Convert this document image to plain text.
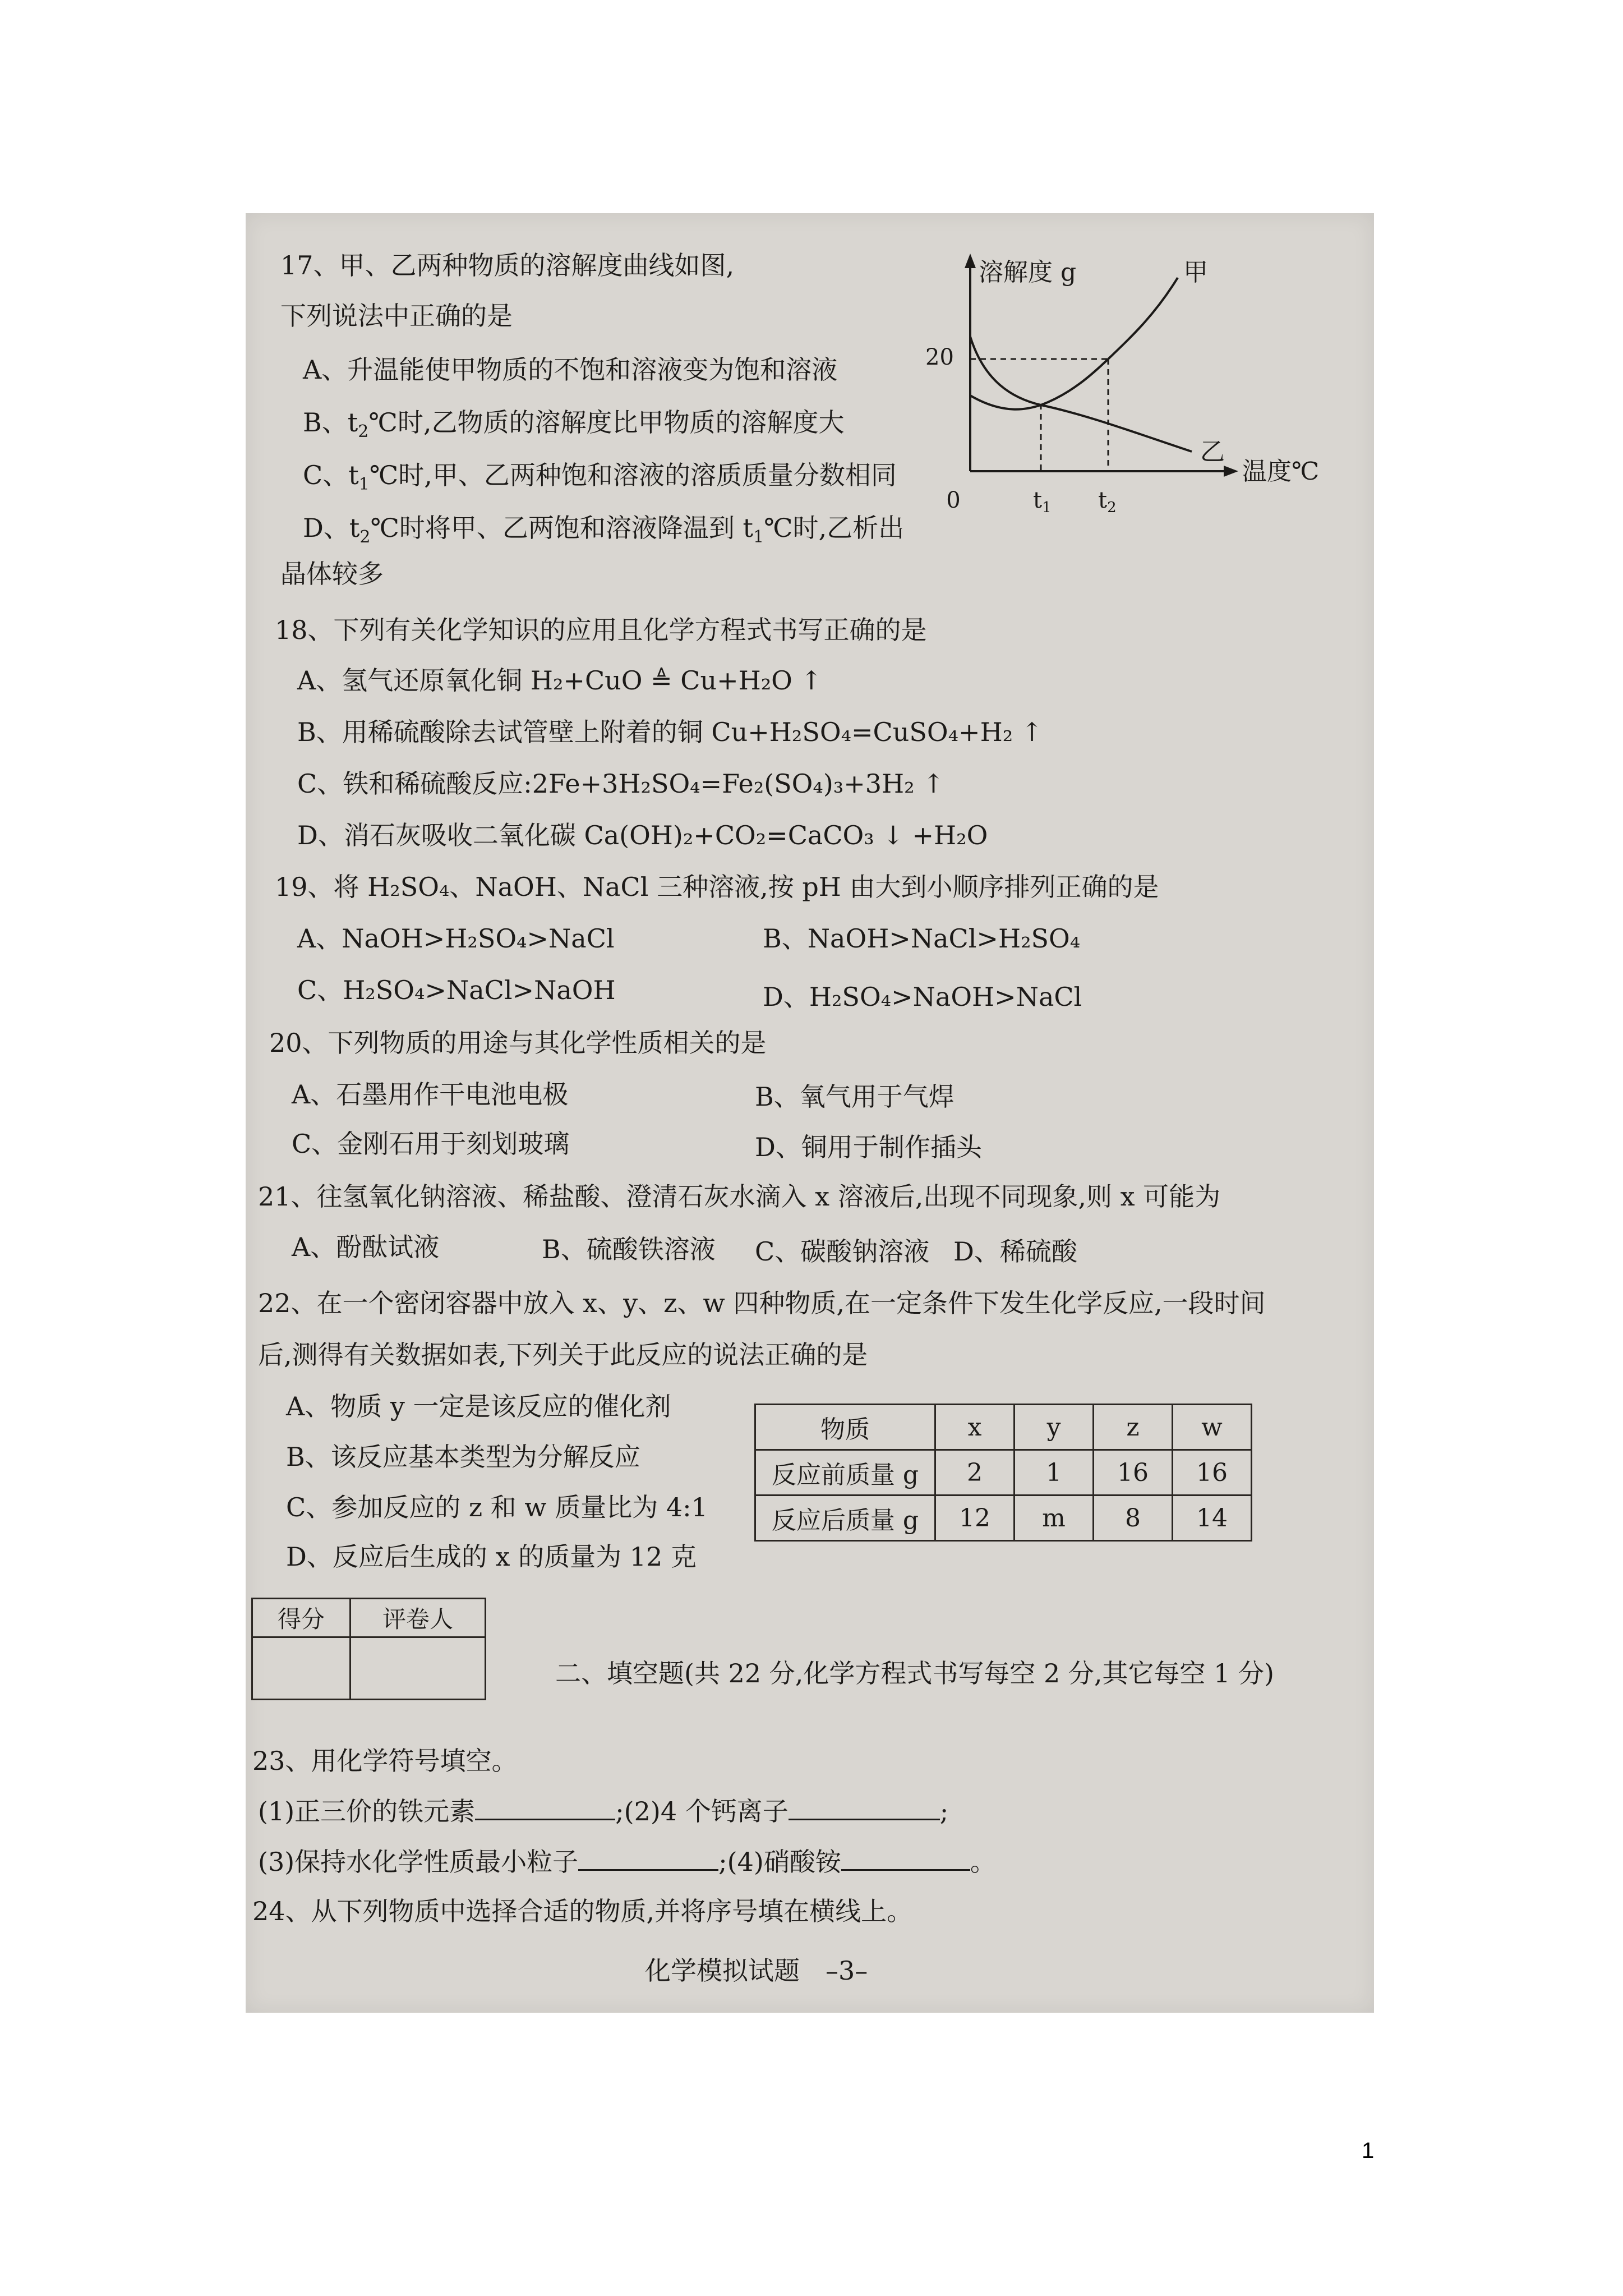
17、甲、乙两种物质的溶解度曲线如图,
下列说法中正确的是
A、升温能使甲物质的不饱和溶液变为饱和溶液
B、$t_2℃$时,乙物质的溶解度比甲物质的溶解度大
C、$t_1℃$时,甲、乙两种饱和溶液的溶质质量分数相同
D、$t_2℃$时将甲、乙两饱和溶液降温到 $t_1℃$时,乙析出
晶体较多
溶解度 g
温度℃
0
20
$t_1$ $t_2$
甲
乙
18、下列有关化学知识的应用且化学方程式书写正确的是
A、氢气还原氧化铜 H₂+CuO ≜ Cu+H₂O ↑
B、用稀硫酸除去试管壁上附着的铜 Cu+H₂SO₄=CuSO₄+H₂ ↑
C、铁和稀硫酸反应:2Fe+3H₂SO₄=Fe₂(SO₄)₃+3H₂ ↑
D、消石灰吸收二氧化碳 Ca(OH)₂+CO₂=CaCO₃ ↓ +H₂O
19、将 H₂SO₄、NaOH、NaCl 三种溶液,按 pH 由大到小顺序排列正确的是
A、NaOH>H₂SO₄>NaCl	B、NaOH>NaCl>H₂SO₄
C、H₂SO₄>NaCl>NaOH	D、H₂SO₄>NaOH>NaCl
20、下列物质的用途与其化学性质相关的是
A、石墨用作干电池电极	B、氧气用于气焊
C、金刚石用于刻划玻璃	D、铜用于制作插头
21、往氢氧化钠溶液、稀盐酸、澄清石灰水滴入 x 溶液后,出现不同现象,则 x 可能为
A、酚酞试液	B、硫酸铁溶液 C、碳酸钠溶液 D、稀硫酸
22、在一个密闭容器中放入 x、y、z、w 四种物质,在一定条件下发生化学反应,一段时间
后,测得有关数据如表,下列关于此反应的说法正确的是
A、物质 y 一定是该反应的催化剂
B、该反应基本类型为分解反应
C、参加反应的 z 和 w 质量比为 4:1
D、反应后生成的 x 的质量为 12 克
物质	x	y	z	w
反应前质量 g	2	1	16	16
反应后质量 g	12	m	8	14
得分	评卷人

二、填空题(共 22 分,化学方程式书写每空 2 分,其它每空 1 分)
23、用化学符号填空。
(1)正三价的铁元素	;(2)4 个钙离子	;
(3)保持水化学性质最小粒子	;(4)硝酸铵	。
24、从下列物质中选择合适的物质,并将序号填在横线上。
化学模拟试题　–3–
1
